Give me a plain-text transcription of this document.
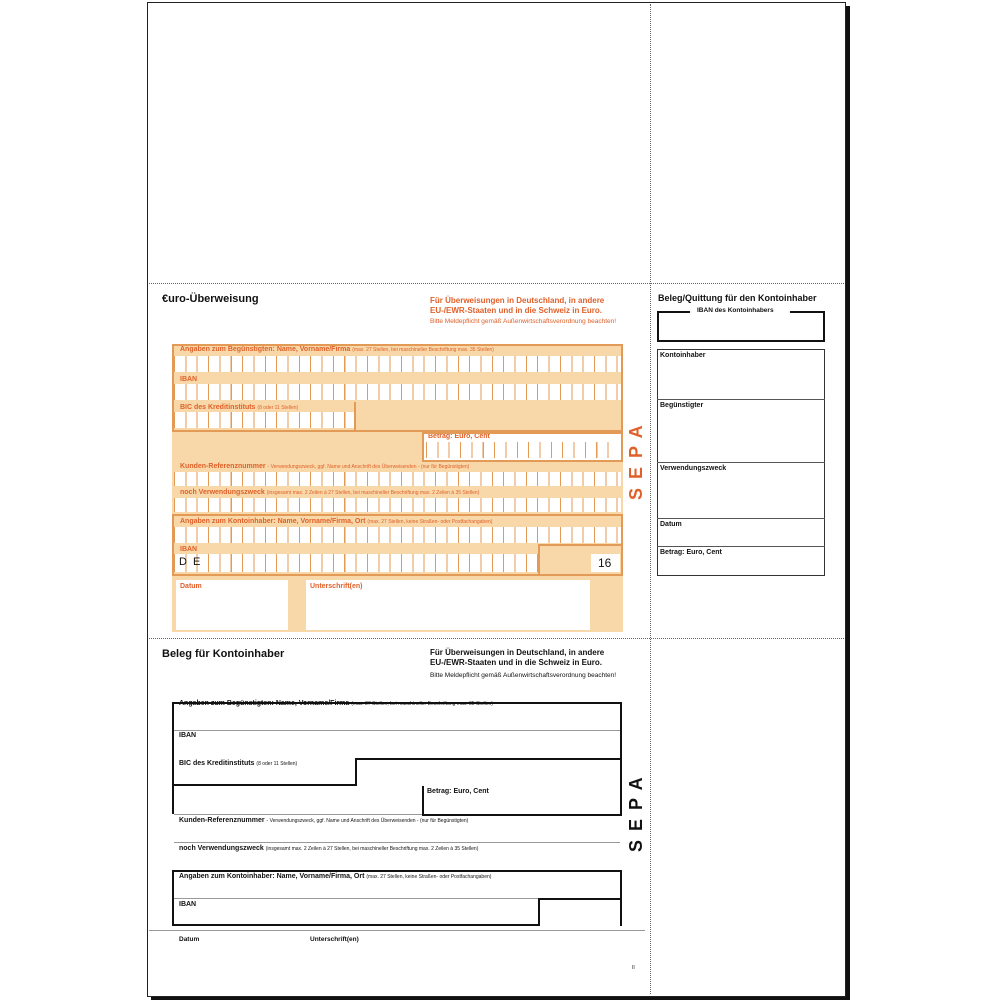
€uro-Überweisung	Für Überweisungen in Deutschland, in andere
EU-/EWR-Staaten und in die Schweiz in Euro.
Bitte Meldepflicht gemäß Außenwirtschaftsverordnung beachten!
Angaben zum Begünstigten: Name, Vorname/Firma (max. 27 Stellen, bei maschineller Beschriftung max. 35 Stellen)
IBAN
BIC des Kreditinstituts (8 oder 11 Stellen)
Betrag: Euro, Cent
Kunden-Referenznummer - Verwendungszweck, ggf. Name und Anschrift des Überweisenden - (nur für Begünstigten)
noch Verwendungszweck (insgesamt max. 2 Zeilen à 27 Stellen, bei maschineller Beschriftung max. 2 Zeilen à 35 Stellen)
Angaben zum Kontoinhaber: Name, Vorname/Firma, Ort (max. 27 Stellen, keine Straßen- oder Postfachangaben)
IBAN
D E	16
Datum	Unterschrift(en)
SEPA
Beleg/Quittung für den Kontoinhaber
IBAN des Kontoinhabers
Kontoinhaber
Begünstigter
Verwendungszweck
Datum
Betrag: Euro, Cent
Beleg für Kontoinhaber	Für Überweisungen in Deutschland, in andere
EU-/EWR-Staaten und in die Schweiz in Euro.
Bitte Meldepflicht gemäß Außenwirtschaftsverordnung beachten!
Angaben zum Begünstigten: Name, Vorname/Firma (max. 27 Stellen, bei maschineller Beschriftung max. 35 Stellen)
IBAN
BIC des Kreditinstituts (8 oder 11 Stellen)
Betrag: Euro, Cent
Kunden-Referenznummer - Verwendungszweck, ggf. Name und Anschrift des Überweisenden - (nur für Begünstigten)
noch Verwendungszweck (insgesamt max. 2 Zeilen à 27 Stellen, bei maschineller Beschriftung max. 2 Zeilen à 35 Stellen)
Angaben zum Kontoinhaber: Name, Vorname/Firma, Ort (max. 27 Stellen, keine Straßen- oder Postfachangaben)
IBAN
Datum	Unterschrift(en)
SEPA
II
